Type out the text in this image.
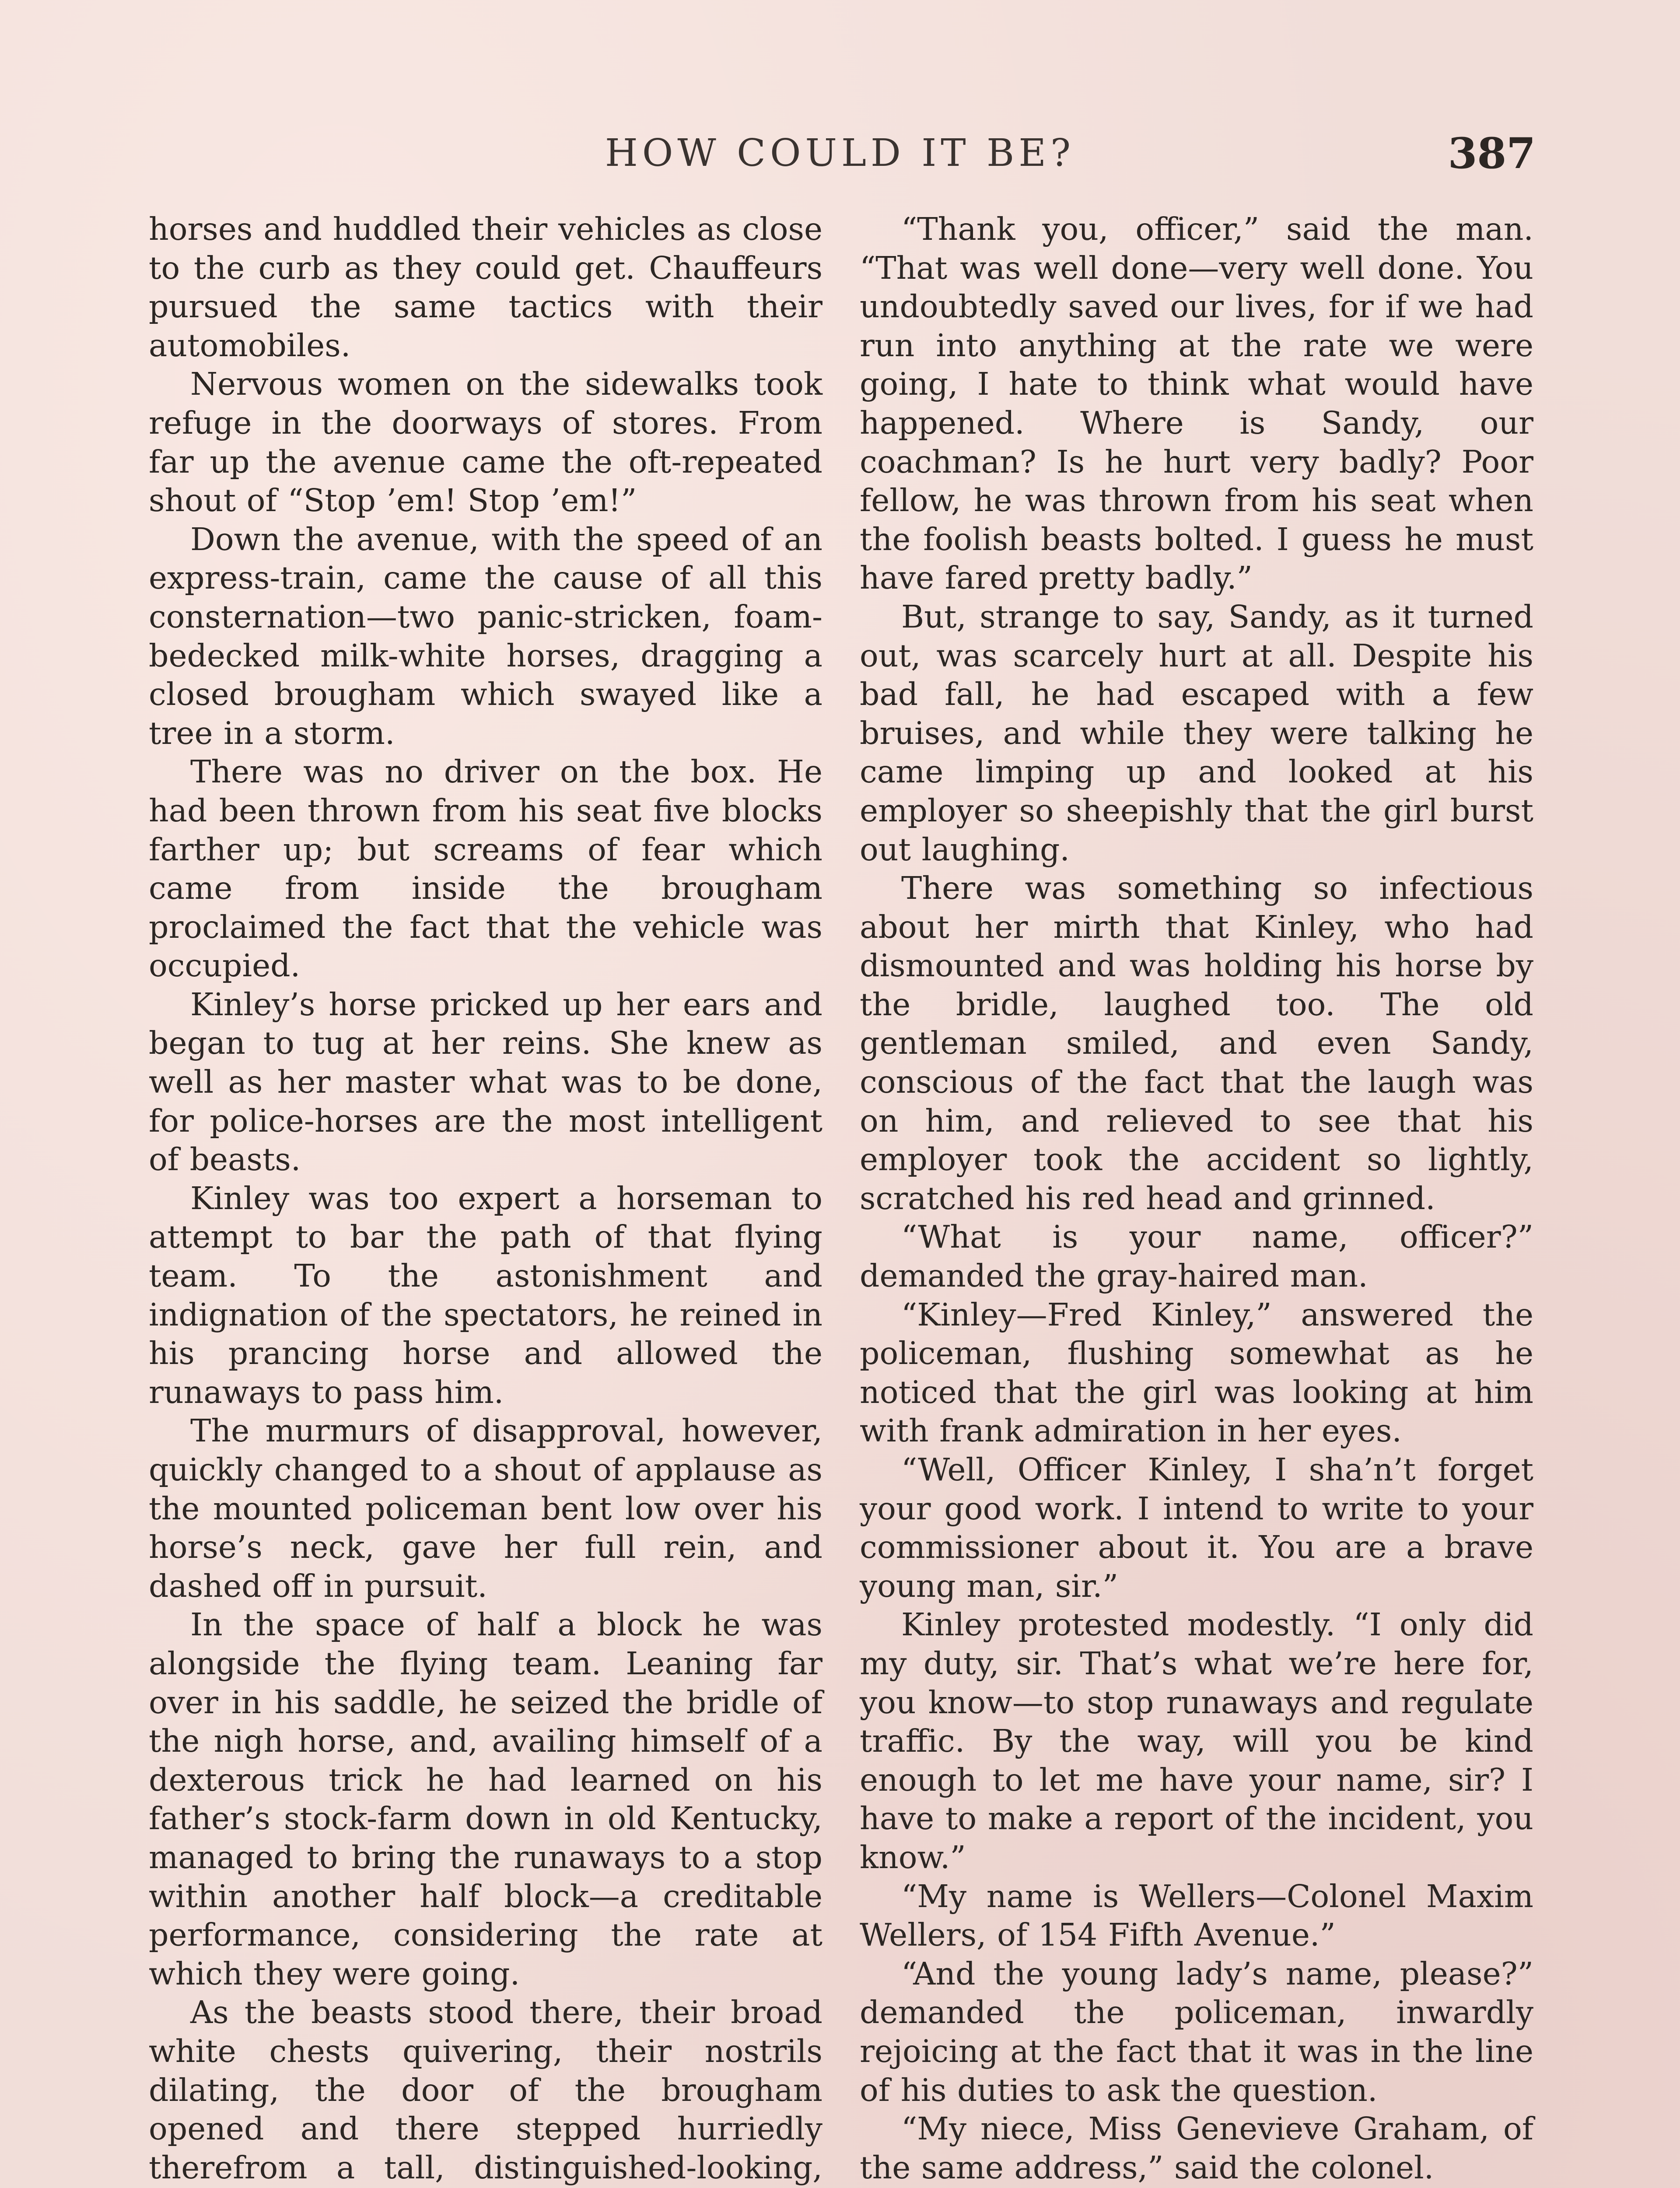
HOW COULD IT BE?	387

horses and huddled their vehicles as close to the curb as they could get. Chauffeurs pursued the same tactics with their automobiles.

Nervous women on the sidewalks took refuge in the doorways of stores. From far up the avenue came the oft-repeated shout of “Stop ’em! Stop ’em!”

Down the avenue, with the speed of an express-train, came the cause of all this consternation—two panic-stricken, foam-bedecked milk-white horses, dragging a closed brougham which swayed like a tree in a storm.

There was no driver on the box. He had been thrown from his seat five blocks farther up; but screams of fear which came from inside the brougham proclaimed the fact that the vehicle was occupied.

Kinley’s horse pricked up her ears and began to tug at her reins. She knew as well as her master what was to be done, for police-horses are the most intelligent of beasts.

Kinley was too expert a horseman to attempt to bar the path of that flying team. To the astonishment and indignation of the spectators, he reined in his prancing horse and allowed the runaways to pass him.

The murmurs of disapproval, however, quickly changed to a shout of applause as the mounted policeman bent low over his horse’s neck, gave her full rein, and dashed off in pursuit.

In the space of half a block he was alongside the flying team. Leaning far over in his saddle, he seized the bridle of the nigh horse, and, availing himself of a dexterous trick he had learned on his father’s stock-farm down in old Kentucky, managed to bring the runaways to a stop within another half block—a creditable performance, considering the rate at which they were going.

As the beasts stood there, their broad white chests quivering, their nostrils dilating, the door of the brougham opened and there stepped hurriedly therefrom a tall, distinguished-looking,

“Thank you, officer,” said the man. “That was well done—very well done. You undoubtedly saved our lives, for if we had run into anything at the rate we were going, I hate to think what would have happened. Where is Sandy, our coachman? Is he hurt very badly? Poor fellow, he was thrown from his seat when the foolish beasts bolted. I guess he must have fared pretty badly.”

But, strange to say, Sandy, as it turned out, was scarcely hurt at all. Despite his bad fall, he had escaped with a few bruises, and while they were talking he came limping up and looked at his employer so sheepishly that the girl burst out laughing.

There was something so infectious about her mirth that Kinley, who had dismounted and was holding his horse by the bridle, laughed too. The old gentleman smiled, and even Sandy, conscious of the fact that the laugh was on him, and relieved to see that his employer took the accident so lightly, scratched his red head and grinned.

“What is your name, officer?” demanded the gray-haired man.

“Kinley—Fred Kinley,” answered the policeman, flushing somewhat as he noticed that the girl was looking at him with frank admiration in her eyes.

“Well, Officer Kinley, I sha’n’t forget your good work. I intend to write to your commissioner about it. You are a brave young man, sir.”

Kinley protested modestly. “I only did my duty, sir. That’s what we’re here for, you know—to stop runaways and regulate traffic. By the way, will you be kind enough to let me have your name, sir? I have to make a report of the incident, you know.”

“My name is Wellers—Colonel Maxim Wellers, of 154 Fifth Avenue.”

“And the young lady’s name, please?” demanded the policeman, inwardly rejoicing at the fact that it was in the line of his duties to ask the question.

“My niece, Miss Genevieve Graham, of the same address,” said the colonel.
